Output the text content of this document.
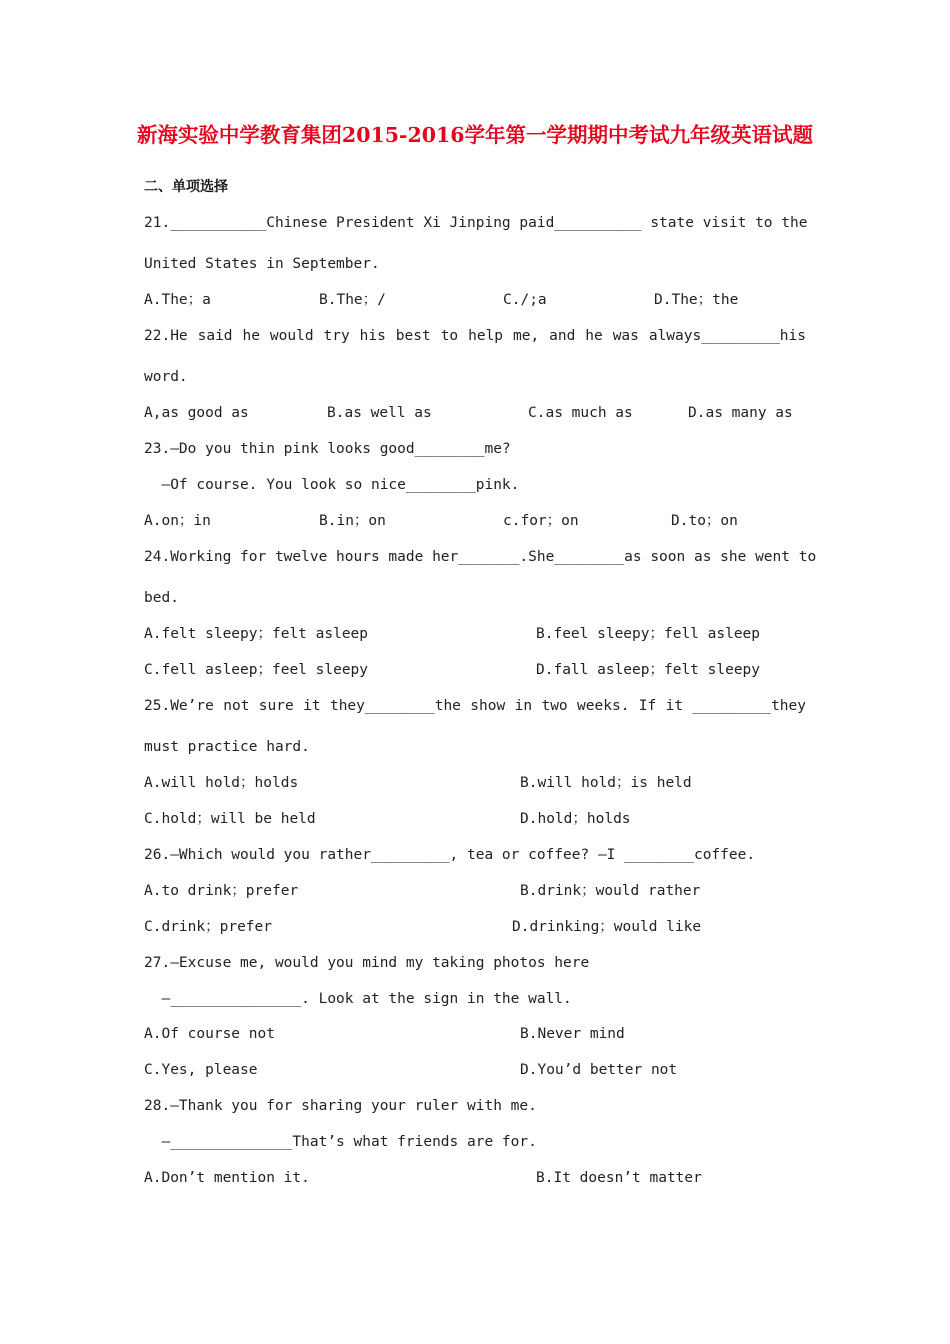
新海实验中学教育集团2015-2016学年第一学期期中考试九年级英语试题
二、单项选择
21.___________Chinese President Xi Jinping paid__________ state visit to the
United States in September.
A.The；a	B.The；/	C./;a	D.The；the
22.He said he would try his best to help me, and he was always_________his
word.
A,as good as	B.as well as	C.as much as	D.as many as
23.—Do you thin pink looks good________me?
—Of course. You look so nice________pink.
A.on；in	B.in；on	c.for；on	D.to；on
24.Working for twelve hours made her_______.She________as soon as she went to
bed.
A.felt sleepy；felt asleep	B.feel sleepy；fell asleep
C.fell asleep；feel sleepy	D.fall asleep；felt sleepy
25.We’re not sure it they________the show in two weeks. If it _________they
must practice hard.
A.will hold；holds	B.will hold；is held
C.hold；will be held	D.hold；holds
26.—Which would you rather_________, tea or coffee? —I ________coffee.
A.to drink；prefer	B.drink；would rather
C.drink；prefer	D.drinking；would like
27.—Excuse me, would you mind my taking photos here
—_______________. Look at the sign in the wall.
A.Of course not	B.Never mind
C.Yes, please	D.You’d better not
28.—Thank you for sharing your ruler with me.
—______________That’s what friends are for.
A.Don’t mention it.	B.It doesn’t matter
